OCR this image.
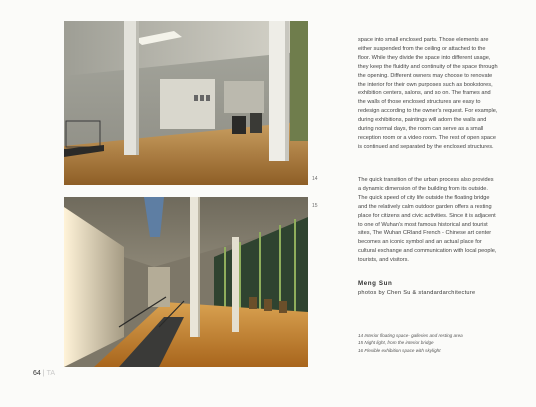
14
15

space into small enclosed parts. Those elements are either suspended from the ceiling or attached to the floor. While they divide the space into different usage, they keep the fluidity and continuity of the space through the opening. Different owners may choose to renovate the interior for their own purposes such as bookstores, exhibition centers, salons, and so on. The frames and the walls of those enclosed structures are easy to redesign according to the owner's request. For example, during exhibitions, paintings will adorn the walls and during normal days, the room can serve as a small reception room or a video room. The rest of open space is continued and separated by the enclosed structures.

The quick transition of the urban process also provides a dynamic dimension of the building from its outside. The quick speed of city life outside the floating bridge and the relatively calm outdoor garden offers a resting place for citizens and civic activities. Since it is adjacent to one of Wuhan's most famous historical and tourist sites, The Wuhan CRland French - Chinese art center becomes an iconic symbol and an actual place for cultural exchange and communication with local people, tourists, and visitors.

Meng Sun
photos by Chen Su & standardarchitecture
14 Interior floating space- galleries and resting area
15 Night light, from the interior bridge
16 Flexible exhibition space with skylight
64 | TA
